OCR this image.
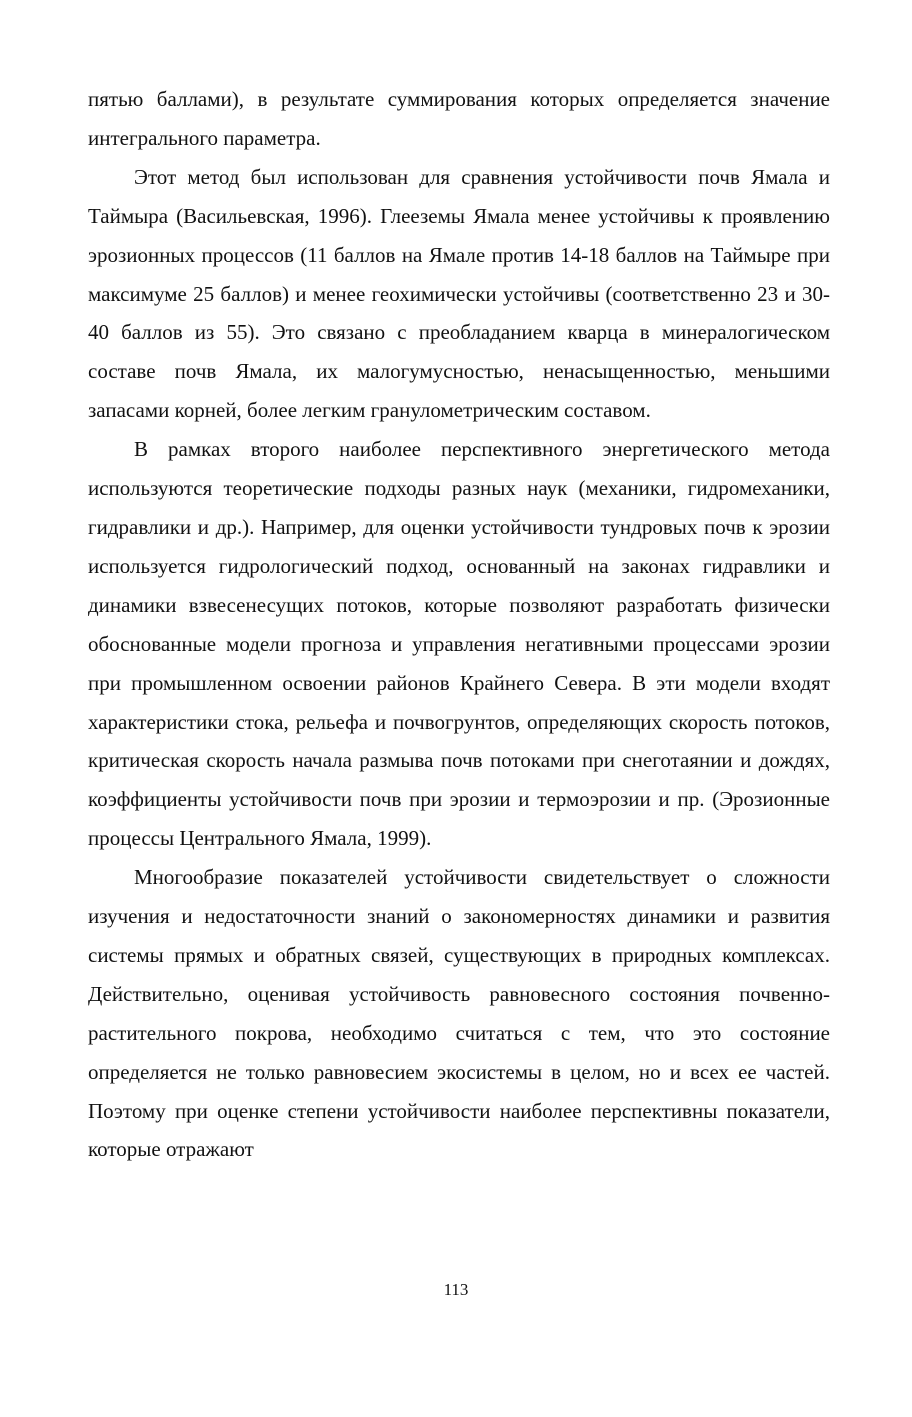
пятью баллами), в результате суммирования которых определяется значение интегрального параметра.

Этот метод был использован для сравнения устойчивости почв Ямала и Таймыра (Васильевская, 1996). Глееземы Ямала менее устойчивы к проявлению эрозионных процессов (11 баллов на Ямале против 14-18 баллов на Таймыре при максимуме 25 баллов) и менее геохимически устойчивы (соответственно 23 и 30-40 баллов из 55). Это связано с преобладанием кварца в минералогическом составе почв Ямала, их малогумусностью, ненасыщенностью, меньшими запасами корней, более легким гранулометрическим составом.

В рамках второго наиболее перспективного энергетического метода используются теоретические подходы разных наук (механики, гидромеханики, гидравлики и др.). Например, для оценки устойчивости тундровых почв к эрозии используется гидрологический подход, основанный на законах гидравлики и динамики взвесенесущих потоков, которые позволяют разработать физически обоснованные модели прогноза и управления негативными процессами эрозии при промышленном освоении районов Крайнего Севера. В эти модели входят характеристики стока, рельефа и почвогрунтов, определяющих скорость потоков, критическая скорость начала размыва почв потоками при снеготаянии и дождях, коэффициенты устойчивости почв при эрозии и термоэрозии и пр. (Эрозионные процессы Центрального Ямала, 1999).

Многообразие показателей устойчивости свидетельствует о сложности изучения и недостаточности знаний о закономерностях динамики и развития системы прямых и обратных связей, существующих в природных комплексах. Действительно, оценивая устойчивость равновесного состояния почвенно-растительного покрова, необходимо считаться с тем, что это состояние определяется не только равновесием экосистемы в целом, но и всех ее частей. Поэтому при оценке степени устойчивости наиболее перспективны показатели, которые отражают

113
